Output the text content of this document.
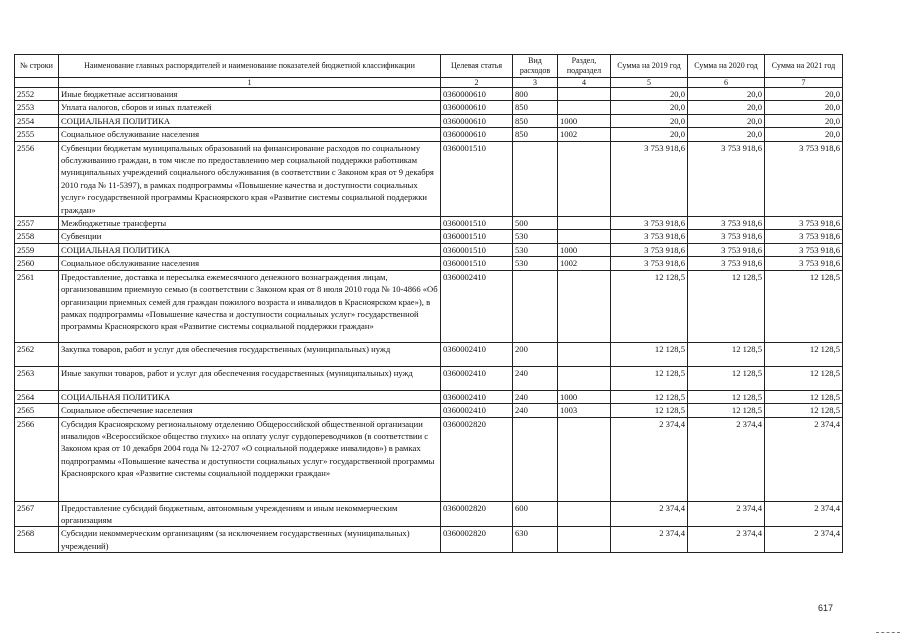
№ строки	Наименование главных распорядителей и наименование показателей бюджетной классификации	Целевая статья	Вид расходов	Раздел, подраздел	Сумма на 2019 год	Сумма на 2020 год	Сумма на 2021 год
	1	2	3	4	5	6	7
2552	Иные бюджетные ассигнования	0360000610	800		20,0	20,0	20,0
2553	Уплата налогов, сборов и иных платежей	0360000610	850		20,0	20,0	20,0
2554	СОЦИАЛЬНАЯ ПОЛИТИКА	0360000610	850	1000	20,0	20,0	20,0
2555	Социальное обслуживание населения	0360000610	850	1002	20,0	20,0	20,0
2556	Субвенции бюджетам муниципальных образований на финансирование расходов по социальному обслуживанию граждан, в том числе по предоставлению мер социальной поддержки работникам муниципальных учреждений социального обслуживания (в соответствии с Законом края от 9 декабря 2010 года № 11-5397), в рамках подпрограммы «Повышение качества и доступности социальных услуг» государственной программы Красноярского края «Развитие системы социальной поддержки граждан»	0360001510			3 753 918,6	3 753 918,6	3 753 918,6
2557	Межбюджетные трансферты	0360001510	500		3 753 918,6	3 753 918,6	3 753 918,6
2558	Субвенции	0360001510	530		3 753 918,6	3 753 918,6	3 753 918,6
2559	СОЦИАЛЬНАЯ ПОЛИТИКА	0360001510	530	1000	3 753 918,6	3 753 918,6	3 753 918,6
2560	Социальное обслуживание населения	0360001510	530	1002	3 753 918,6	3 753 918,6	3 753 918,6
2561	Предоставление, доставка и пересылка ежемесячного денежного вознаграждения лицам, организовавшим приемную семью (в соответствии с Законом края от 8 июля 2010 года № 10-4866 «Об организации приемных семей для граждан пожилого возраста и инвалидов в Красноярском крае»), в рамках подпрограммы «Повышение качества и доступности социальных услуг» государственной программы Красноярского края «Развитие системы социальной поддержки граждан»	0360002410			12 128,5	12 128,5	12 128,5
2562	Закупка товаров, работ и услуг для обеспечения государственных (муниципальных) нужд	0360002410	200		12 128,5	12 128,5	12 128,5
2563	Иные закупки товаров, работ и услуг для обеспечения государственных (муниципальных) нужд	0360002410	240		12 128,5	12 128,5	12 128,5
2564	СОЦИАЛЬНАЯ ПОЛИТИКА	0360002410	240	1000	12 128,5	12 128,5	12 128,5
2565	Социальное обеспечение населения	0360002410	240	1003	12 128,5	12 128,5	12 128,5
2566	Субсидия Красноярскому региональному отделению Общероссийской общественной организации инвалидов «Всероссийское общество глухих» на оплату услуг сурдопереводчиков (в соответствии с Законом края от 10 декабря 2004 года № 12-2707 «О социальной поддержке инвалидов») в рамках подпрограммы «Повышение качества и доступности социальных услуг» государственной программы Красноярского края «Развитие системы социальной поддержки граждан»	0360002820			2 374,4	2 374,4	2 374,4
2567	Предоставление субсидий бюджетным, автономным учреждениям и иным некоммерческим организациям	0360002820	600		2 374,4	2 374,4	2 374,4
2568	Субсидии некоммерческим организациям (за исключением государственных (муниципальных) учреждений)	0360002820	630		2 374,4	2 374,4	2 374,4
617
